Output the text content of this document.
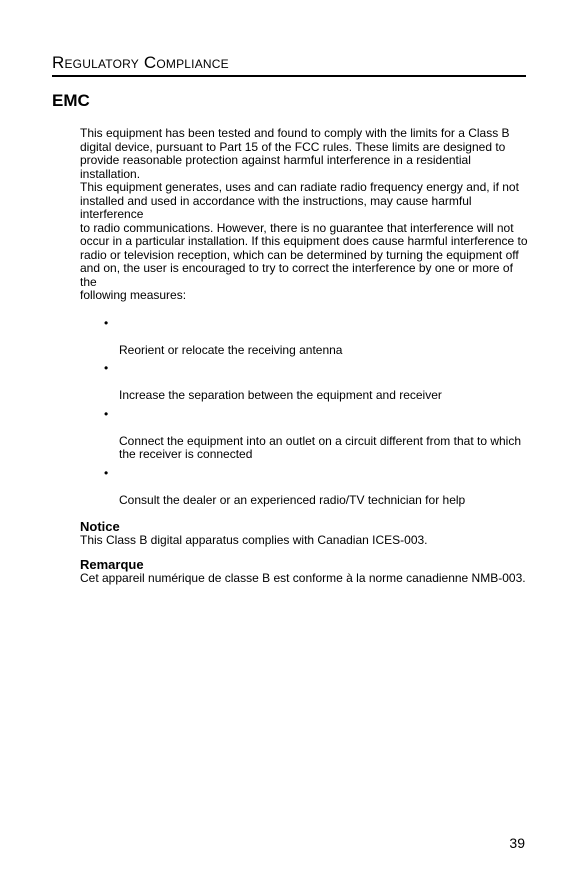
Regulatory Compliance
EMC

This equipment has been tested and found to comply with the limits for a Class B
digital device, pursuant to Part 15 of the FCC rules. These limits are designed to
provide reasonable protection against harmful interference in a residential installation.
This equipment generates, uses and can radiate radio frequency energy and, if not
installed and used in accordance with the instructions, may cause harmful interference
to radio communications. However, there is no guarantee that interference will not
occur in a particular installation. If this equipment does cause harmful interference to
radio or television reception, which can be determined by turning the equipment off
and on, the user is encouraged to try to correct the interference by one or more of the
following measures:

•

Reorient or relocate the receiving antenna

•

Increase the separation between the equipment and receiver

•

Connect the equipment into an outlet on a circuit different from that to which
the receiver is connected

•

Consult the dealer or an experienced radio/TV technician for help

Notice

This Class B digital apparatus complies with Canadian ICES-003.

Remarque

Cet appareil numérique de classe B est conforme à la norme canadienne NMB-003.

39
